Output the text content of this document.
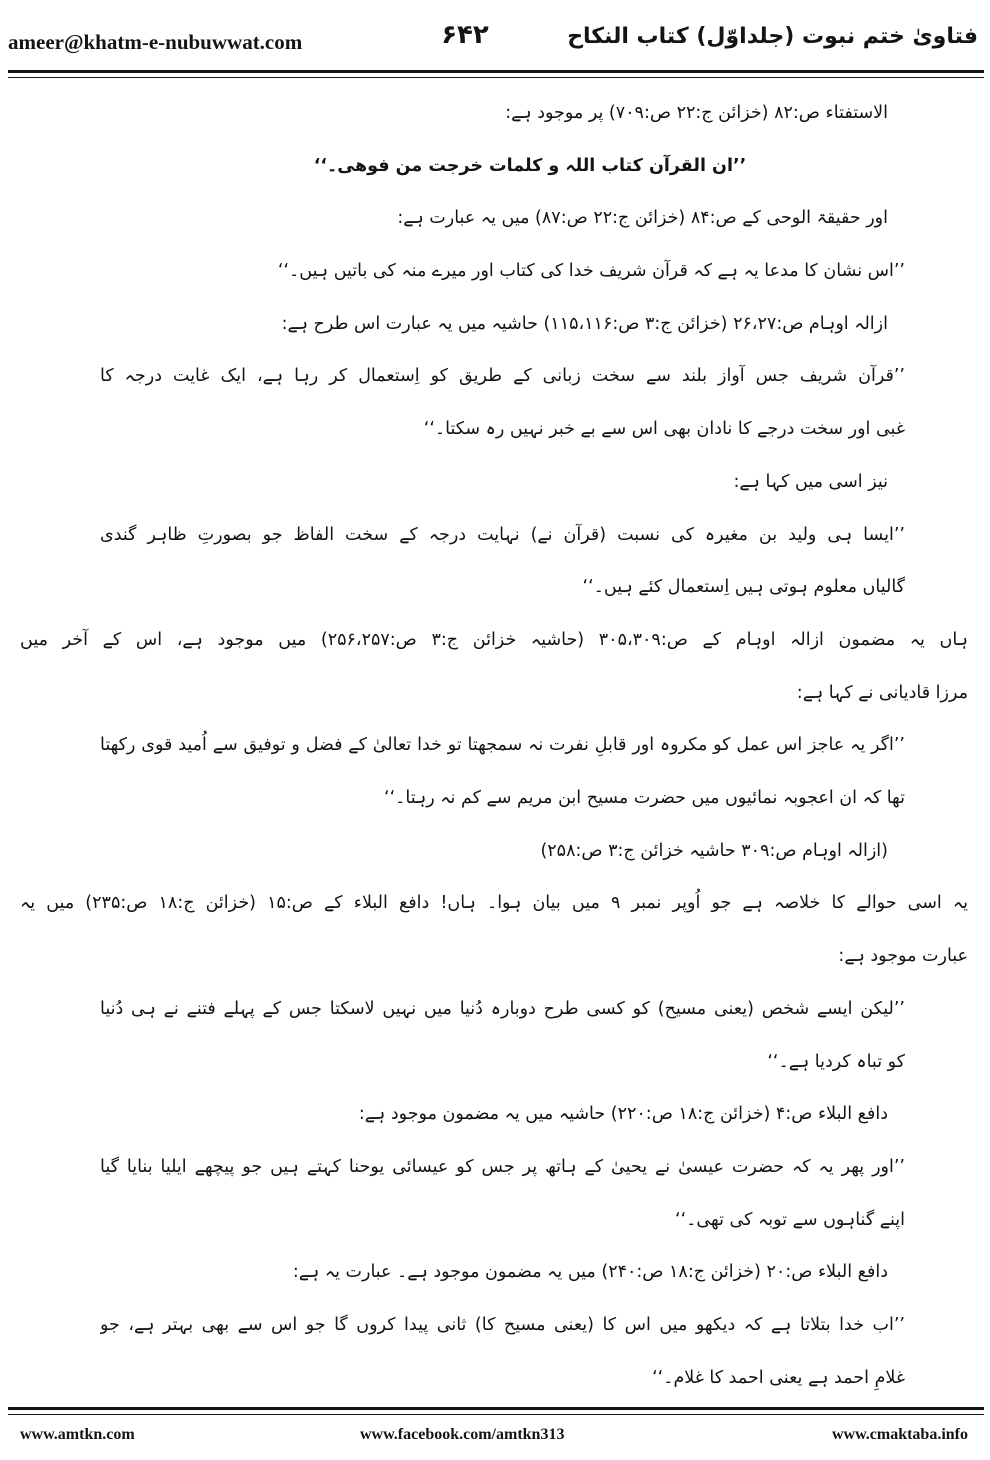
ameer@khatm-e-nubuwwat.com	۶۴۲	فتاویٰ ختم نبوت (جلداوّل) کتاب النکاح
الاستفتاء ص:۸۲ (خزائن ج:۲۲ ص:۷۰۹) پر موجود ہے:
’’ان القرآن کتاب اللہ و کلمات خرجت من فوھی۔‘‘
اور حقیقۃ الوحی کے ص:۸۴ (خزائن ج:۲۲ ص:۸۷) میں یہ عبارت ہے:
’’اس نشان کا مدعا یہ ہے کہ قرآن شریف خدا کی کتاب اور میرے منہ کی باتیں ہیں۔‘‘
ازالہ اوہام ص:۲۶،۲۷ (خزائن ج:۳ ص:۱۱۵،۱۱۶) حاشیہ میں یہ عبارت اس طرح ہے:
’’قرآن شریف جس آواز بلند سے سخت زبانی کے طریق کو اِستعمال کر رہا ہے، ایک غایت درجہ کا
غبی اور سخت درجے کا نادان بھی اس سے بے خبر نہیں رہ سکتا۔‘‘
نیز اسی میں کہا ہے:
’’ایسا ہی ولید بن مغیرہ کی نسبت (قرآن نے) نہایت درجہ کے سخت الفاظ جو بصورتِ ظاہر گندی
گالیاں معلوم ہوتی ہیں اِستعمال کئے ہیں۔‘‘
ہاں یہ مضمون ازالہ اوہام کے ص:۳۰۵،۳۰۹ (حاشیہ خزائن ج:۳ ص:۲۵۶،۲۵۷) میں موجود ہے، اس کے آخر میں
مرزا قادیانی نے کہا ہے:
’’اگر یہ عاجز اس عمل کو مکروہ اور قابلِ نفرت نہ سمجھتا تو خدا تعالیٰ کے فضل و توفیق سے اُمید قوی رکھتا
تھا کہ ان اعجوبہ نمائیوں میں حضرت مسیح ابن مریم سے کم نہ رہتا۔‘‘
(ازالہ اوہام ص:۳۰۹ حاشیہ خزائن ج:۳ ص:۲۵۸)
یہ اسی حوالے کا خلاصہ ہے جو اُوپر نمبر ۹ میں بیان ہوا۔ ہاں! دافع البلاء کے ص:۱۵ (خزائن ج:۱۸ ص:۲۳۵) میں یہ
عبارت موجود ہے:
’’لیکن ایسے شخص (یعنی مسیح) کو کسی طرح دوبارہ دُنیا میں نہیں لاسکتا جس کے پہلے فتنے نے ہی دُنیا
کو تباہ کردیا ہے۔‘‘
دافع البلاء ص:۴ (خزائن ج:۱۸ ص:۲۲۰) حاشیہ میں یہ مضمون موجود ہے:
’’اور پھر یہ کہ حضرت عیسیٰ نے یحییٰ کے ہاتھ پر جس کو عیسائی یوحنا کہتے ہیں جو پیچھے ایلیا بنایا گیا
اپنے گناہوں سے توبہ کی تھی۔‘‘
دافع البلاء ص:۲۰ (خزائن ج:۱۸ ص:۲۴۰) میں یہ مضمون موجود ہے۔ عبارت یہ ہے:
’’اب خدا بتلاتا ہے کہ دیکھو میں اس کا (یعنی مسیح کا) ثانی پیدا کروں گا جو اس سے بھی بہتر ہے، جو
غلامِ احمد ہے یعنی احمد کا غلام۔‘‘
www.amtkn.com	www.facebook.com/amtkn313	www.cmaktaba.info
